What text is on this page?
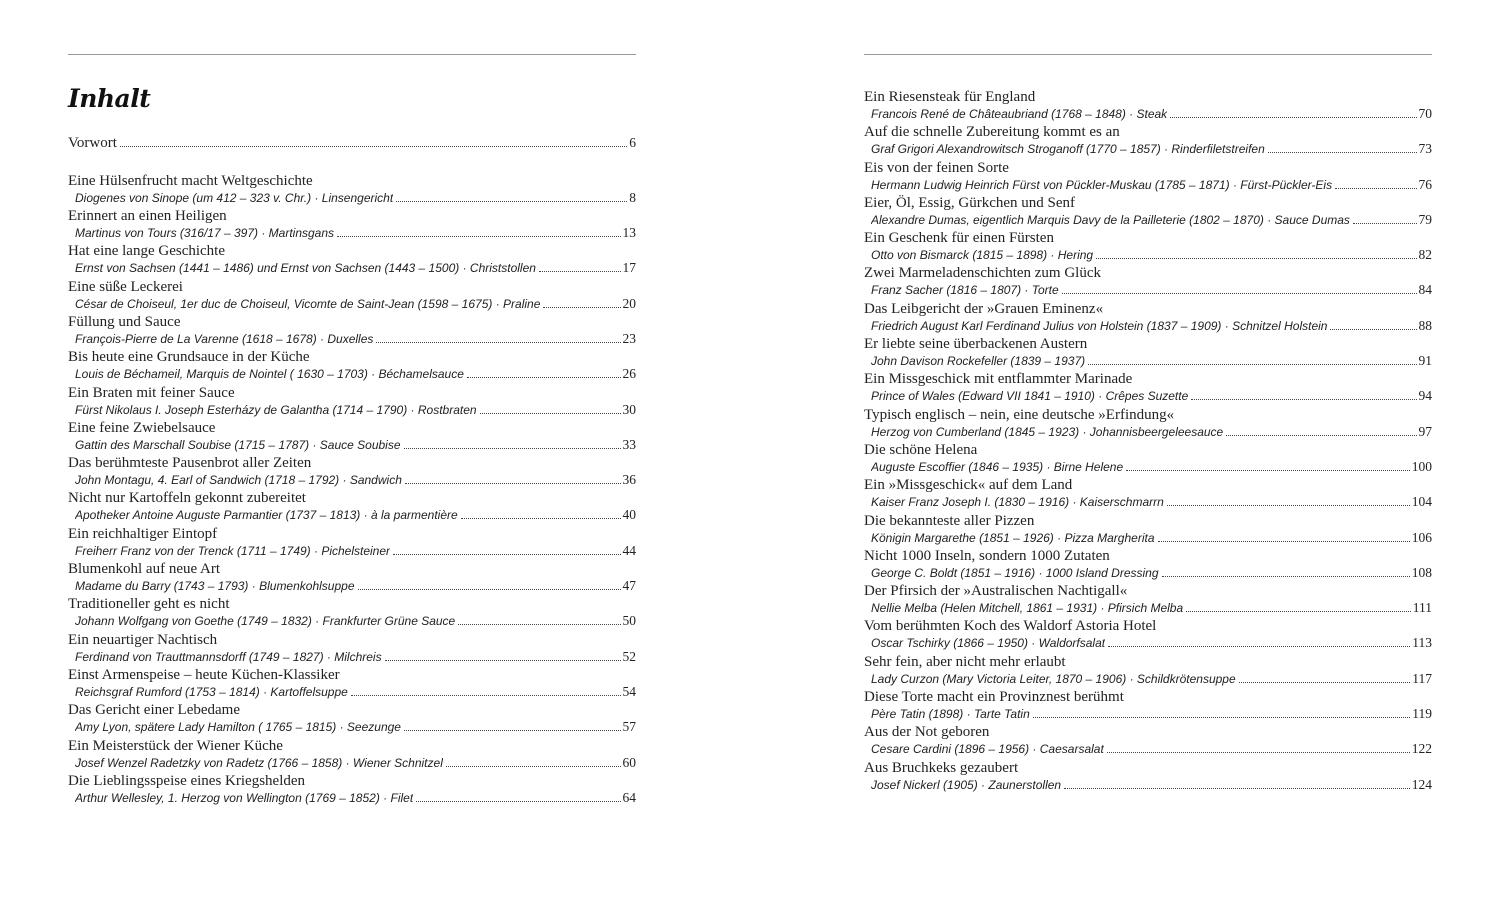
Inhalt
Vorwort	6
Eine Hülsenfrucht macht Weltgeschichte
Diogenes von Sinope (um 412 – 323 v. Chr.) · Linsengericht	8
Erinnert an einen Heiligen
Martinus von Tours (316/17 – 397) · Martinsgans	13
Hat eine lange Geschichte
Ernst von Sachsen (1441 – 1486) und Ernst von Sachsen (1443 – 1500) · Christstollen	17
Eine süße Leckerei
César de Choiseul, 1er duc de Choiseul, Vicomte de Saint-Jean (1598 – 1675) · Praline	20
Füllung und Sauce
François-Pierre de La Varenne (1618 – 1678) · Duxelles	23
Bis heute eine Grundsauce in der Küche
Louis de Béchameil, Marquis de Nointel ( 1630 – 1703) · Béchamelsauce	26
Ein Braten mit feiner Sauce
Fürst Nikolaus I. Joseph Esterházy de Galantha (1714 – 1790) · Rostbraten	30
Eine feine Zwiebelsauce
Gattin des Marschall Soubise (1715 – 1787) · Sauce Soubise	33
Das berühmteste Pausenbrot aller Zeiten
John Montagu, 4. Earl of Sandwich (1718 – 1792) · Sandwich	36
Nicht nur Kartoffeln gekonnt zubereitet
Apotheker Antoine Auguste Parmantier (1737 – 1813) · à la parmentière	40
Ein reichhaltiger Eintopf
Freiherr Franz von der Trenck (1711 – 1749) · Pichelsteiner	44
Blumenkohl auf neue Art
Madame du Barry (1743 – 1793) · Blumenkohlsuppe	47
Traditioneller geht es nicht
Johann Wolfgang von Goethe (1749 – 1832) · Frankfurter Grüne Sauce	50
Ein neuartiger Nachtisch
Ferdinand von Trauttmannsdorff (1749 – 1827) · Milchreis	52
Einst Armenspeise – heute Küchen-Klassiker
Reichsgraf Rumford (1753 – 1814) · Kartoffelsuppe	54
Das Gericht einer Lebedame
Amy Lyon, spätere Lady Hamilton ( 1765 – 1815) · Seezunge	57
Ein Meisterstück der Wiener Küche
Josef Wenzel Radetzky von Radetz (1766 – 1858) · Wiener Schnitzel	60
Die Lieblingsspeise eines Kriegshelden
Arthur Wellesley, 1. Herzog von Wellington (1769 – 1852) · Filet	64
Ein Riesensteak für England
Francois René de Châteaubriand (1768 – 1848) · Steak	70
Auf die schnelle Zubereitung kommt es an
Graf Grigori Alexandrowitsch Stroganoff (1770 – 1857) · Rinderfiletstreifen	73
Eis von der feinen Sorte
Hermann Ludwig Heinrich Fürst von Pückler-Muskau (1785 – 1871) · Fürst-Pückler-Eis	76
Eier, Öl, Essig, Gürkchen und Senf
Alexandre Dumas, eigentlich Marquis Davy de la Pailleterie (1802 – 1870) · Sauce Dumas	79
Ein Geschenk für einen Fürsten
Otto von Bismarck (1815 – 1898) · Hering	82
Zwei Marmeladenschichten zum Glück
Franz Sacher (1816 – 1807) · Torte	84
Das Leibgericht der »Grauen Eminenz«
Friedrich August Karl Ferdinand Julius von Holstein (1837 – 1909) · Schnitzel Holstein	88
Er liebte seine überbackenen Austern
John Davison Rockefeller (1839 – 1937)	91
Ein Missgeschick mit entflammter Marinade
Prince of Wales (Edward VII 1841 – 1910) · Crêpes Suzette	94
Typisch englisch – nein, eine deutsche »Erfindung«
Herzog von Cumberland (1845 – 1923) · Johannisbeergeleesauce	97
Die schöne Helena
Auguste Escoffier (1846 – 1935) · Birne Helene	100
Ein »Missgeschick« auf dem Land
Kaiser Franz Joseph I. (1830 – 1916) · Kaiserschmarrn	104
Die bekannteste aller Pizzen
Königin Margarethe (1851 – 1926) · Pizza Margherita	106
Nicht 1000 Inseln, sondern 1000 Zutaten
George C. Boldt (1851 – 1916) · 1000 Island Dressing	108
Der Pfirsich der »Australischen Nachtigall«
Nellie Melba (Helen Mitchell, 1861 – 1931) · Pfirsich Melba	111
Vom berühmten Koch des Waldorf Astoria Hotel
Oscar Tschirky (1866 – 1950) · Waldorfsalat	113
Sehr fein, aber nicht mehr erlaubt
Lady Curzon (Mary Victoria Leiter, 1870 – 1906) · Schildkrötensuppe	117
Diese Torte macht ein Provinznest berühmt
Père Tatin (1898) · Tarte Tatin	119
Aus der Not geboren
Cesare Cardini (1896 – 1956) · Caesarsalat	122
Aus Bruchkeks gezaubert
Josef Nickerl (1905) · Zaunerstollen	124
